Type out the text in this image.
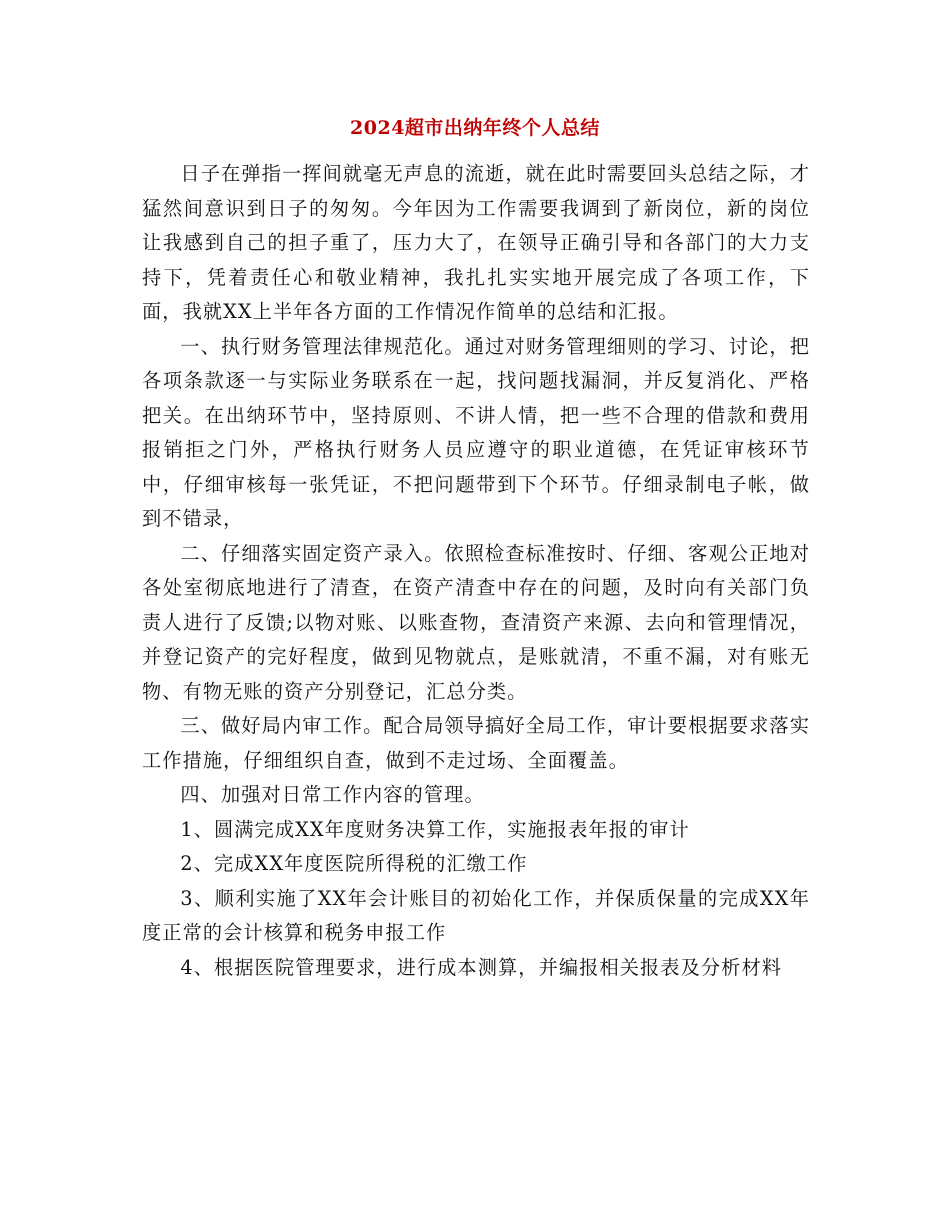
2024超市出纳年终个人总结

日子在弹指一挥间就毫无声息的流逝，就在此时需要回头总结之际，才猛然间意识到日子的匆匆。今年因为工作需要我调到了新岗位，新的岗位让我感到自己的担子重了，压力大了，在领导正确引导和各部门的大力支持下，凭着责任心和敬业精神，我扎扎实实地开展完成了各项工作，下面，我就XX上半年各方面的工作情况作简单的总结和汇报。

一、执行财务管理法律规范化。通过对财务管理细则的学习、讨论，把各项条款逐一与实际业务联系在一起，找问题找漏洞，并反复消化、严格把关。在出纳环节中，坚持原则、不讲人情，把一些不合理的借款和费用报销拒之门外，严格执行财务人员应遵守的职业道德，在凭证审核环节中，仔细审核每一张凭证，不把问题带到下个环节。仔细录制电子帐，做到不错录，

二、仔细落实固定资产录入。依照检查标准按时、仔细、客观公正地对各处室彻底地进行了清查，在资产清查中存在的问题，及时向有关部门负责人进行了反馈;以物对账、以账查物，查清资产来源、去向和管理情况，并登记资产的完好程度，做到见物就点，是账就清，不重不漏，对有账无物、有物无账的资产分别登记，汇总分类。

三、做好局内审工作。配合局领导搞好全局工作，审计要根据要求落实工作措施，仔细组织自查，做到不走过场、全面覆盖。

四、加强对日常工作内容的管理。

1、圆满完成XX年度财务决算工作，实施报表年报的审计

2、完成XX年度医院所得税的汇缴工作

3、顺利实施了XX年会计账目的初始化工作，并保质保量的完成XX年度正常的会计核算和税务申报工作

4、根据医院管理要求，进行成本测算，并编报相关报表及分析材料
